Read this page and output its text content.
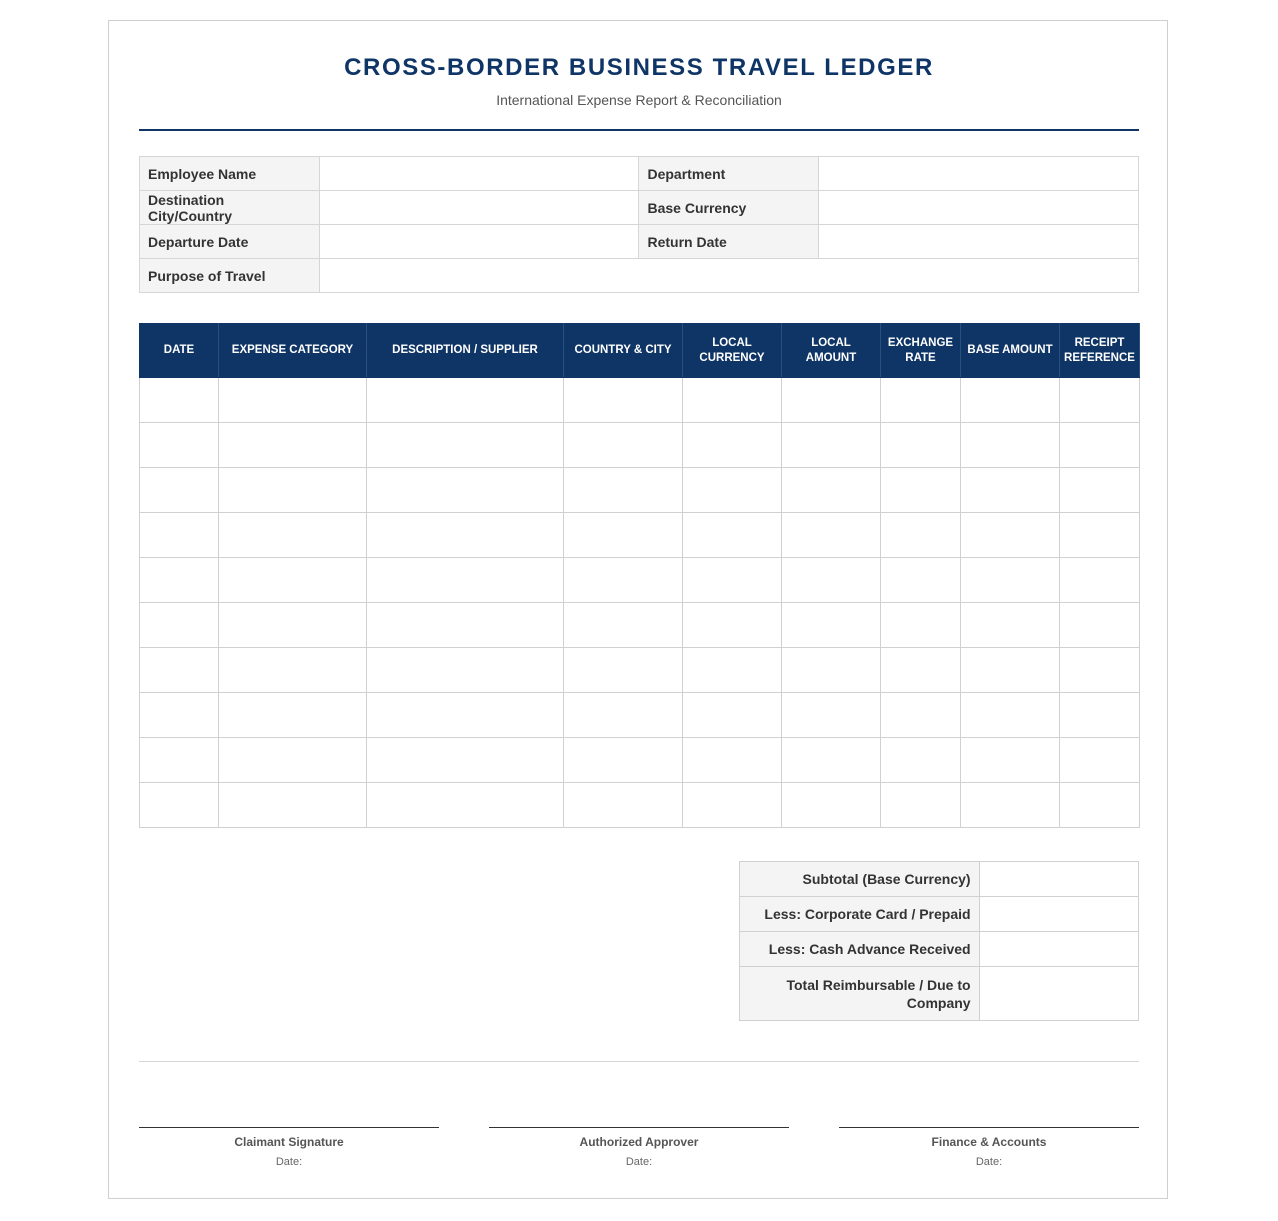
CROSS-BORDER BUSINESS TRAVEL LEDGER
International Expense Report & Reconciliation
Employee Name		Department	
Destination City/Country		Base Currency	
Departure Date		Return Date	
Purpose of Travel			
DATE	EXPENSE CATEGORY	DESCRIPTION / SUPPLIER	COUNTRY & CITY	LOCAL CURRENCY	LOCAL AMOUNT	EXCHANGE RATE	BASE AMOUNT	RECEIPT REFERENCE

Subtotal (Base Currency)	
Less: Corporate Card / Prepaid	
Less: Cash Advance Received	
Total Reimbursable / Due to Company	
Claimant Signature
Date:
Authorized Approver
Date:
Finance & Accounts
Date:
